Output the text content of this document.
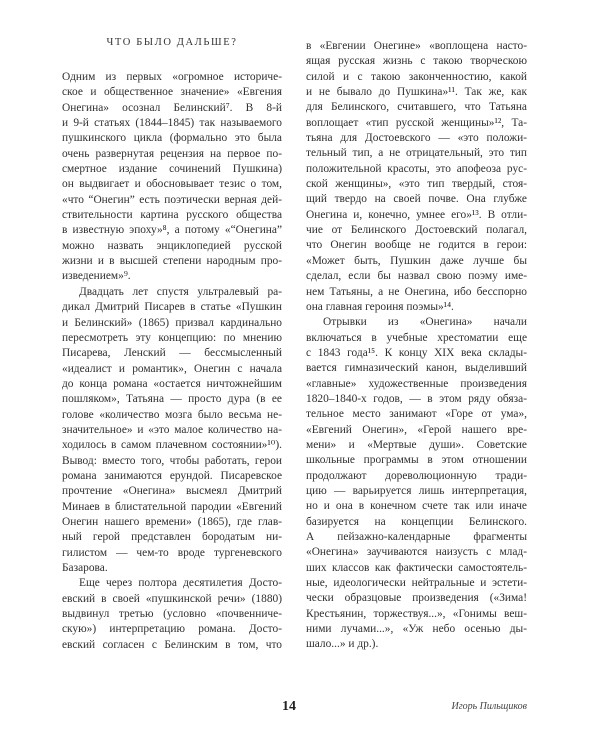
ЧТО БЫЛО ДАЛЬШЕ?
Одним из первых «огромное историче-
ское и общественное значение» «Евгения
Онегина» осознал Белинский⁷. В 8-й
и 9-й статьях (1844–1845) так называемого
пушкинского цикла (формально это была
очень развернутая рецензия на первое по-
смертное издание сочинений Пушкина)
он выдвигает и обосновывает тезис о том,
«что “Онегин” есть поэтически верная дей-
ствительности картина русского общества
в известную эпоху»⁸, а потому «“Онегина”
можно назвать энциклопедией русской
жизни и в высшей степени народным про-
изведением»⁹.
Двадцать лет спустя ультралевый ра-
дикал Дмитрий Писарев в статье «Пушкин
и Белинский» (1865) призвал кардинально
пересмотреть эту концепцию: по мнению
Писарева, Ленский — бессмысленный
«идеалист и романтик», Онегин с начала
до конца романа «остается ничтожнейшим
пошляком», Татьяна — просто дура (в ее
голове «количество мозга было весьма не-
значительное» и «это малое количество на-
ходилось в самом плачевном состоянии»¹⁰).
Вывод: вместо того, чтобы работать, герои
романа занимаются ерундой. Писаревское
прочтение «Онегина» высмеял Дмитрий
Минаев в блистательной пародии «Евгений
Онегин нашего времени» (1865), где глав-
ный герой представлен бородатым ни-
гилистом — чем-то вроде тургеневского
Базарова.
Еще через полтора десятилетия Досто-
евский в своей «пушкинской речи» (1880)
выдвинул третью (условно «почвенниче-
скую») интерпретацию романа. Досто-
евский согласен с Белинским в том, что
в «Евгении Онегине» «воплощена насто-
ящая русская жизнь с такою творческою
силой и с такою законченностию, какой
и не бывало до Пушкина»¹¹. Так же, как
для Белинского, считавшего, что Татьяна
воплощает «тип русской женщины»¹², Та-
тьяна для Достоевского — «это положи-
тельный тип, а не отрицательный, это тип
положительной красоты, это апофеоза рус-
ской женщины», «это тип твердый, стоя-
щий твердо на своей почве. Она глубже
Онегина и, конечно, умнее его»¹³. В отли-
чие от Белинского Достоевский полагал,
что Онегин вообще не годится в герои:
«Может быть, Пушкин даже лучше бы
сделал, если бы назвал свою поэму име-
нем Татьяны, а не Онегина, ибо бесспорно
она главная героиня поэмы»¹⁴.
Отрывки из «Онегина» начали
включаться в учебные хрестоматии еще
с 1843 года¹⁵. К концу XIX века склады-
вается гимназический канон, выделивший
«главные» художественные произведения
1820–1840-х годов, — в этом ряду обяза-
тельное место занимают «Горе от ума»,
«Евгений Онегин», «Герой нашего вре-
мени» и «Мертвые души». Советские
школьные программы в этом отношении
продолжают дореволюционную тради-
цию — варьируется лишь интерпретация,
но и она в конечном счете так или иначе
базируется на концепции Белинского.
А пейзажно-календарные фрагменты
«Онегина» заучиваются наизусть с млад-
ших классов как фактически самостоятель-
ные, идеологически нейтральные и эстети-
чески образцовые произведения («Зима!
Крестьянин, торжествуя...», «Гонимы веш-
ними лучами...», «Уж небо осенью ды-
шало...» и др.).
14	Игорь Пильщиков
